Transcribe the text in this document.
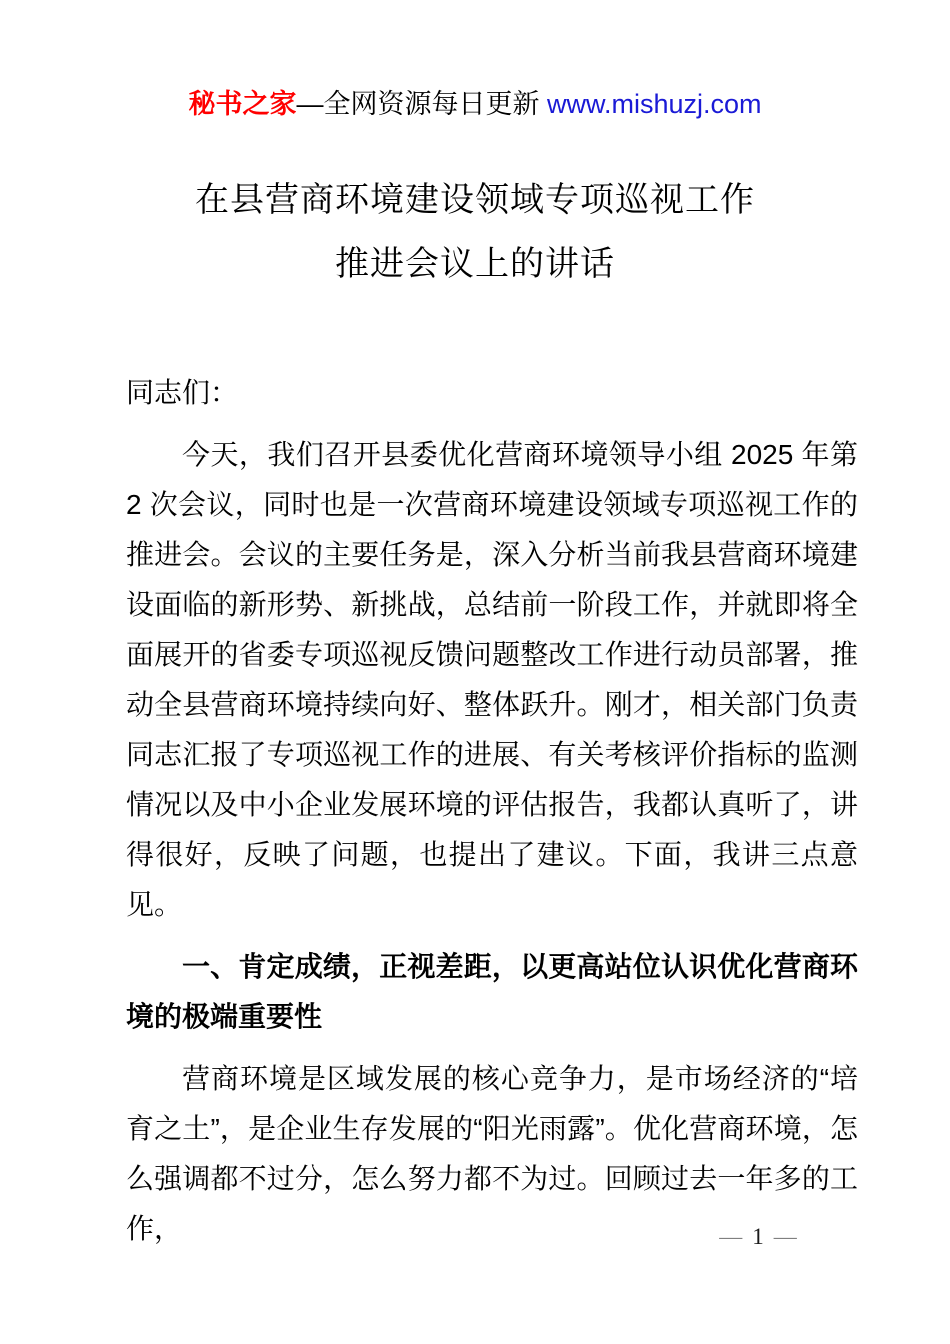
秘书之家—全网资源每日更新 www.mishuzj.com
在县营商环境建设领域专项巡视工作
推进会议上的讲话

同志们：

今天，我们召开县委优化营商环境领导小组 2025 年第 2 次会议，同时也是一次营商环境建设领域专项巡视工作的推进会。会议的主要任务是，深入分析当前我县营商环境建设面临的新形势、新挑战，总结前一阶段工作，并就即将全面展开的省委专项巡视反馈问题整改工作进行动员部署，推动全县营商环境持续向好、整体跃升。刚才，相关部门负责同志汇报了专项巡视工作的进展、有关考核评价指标的监测情况以及中小企业发展环境的评估报告，我都认真听了，讲得很好，反映了问题，也提出了建议。下面，我讲三点意见。

一、肯定成绩，正视差距，以更高站位认识优化营商环境的极端重要性

营商环境是区域发展的核心竞争力，是市场经济的“培育之土”，是企业生存发展的“阳光雨露”。优化营商环境，怎么强调都不过分，怎么努力都不为过。回顾过去一年多的工作，	— 1 —
